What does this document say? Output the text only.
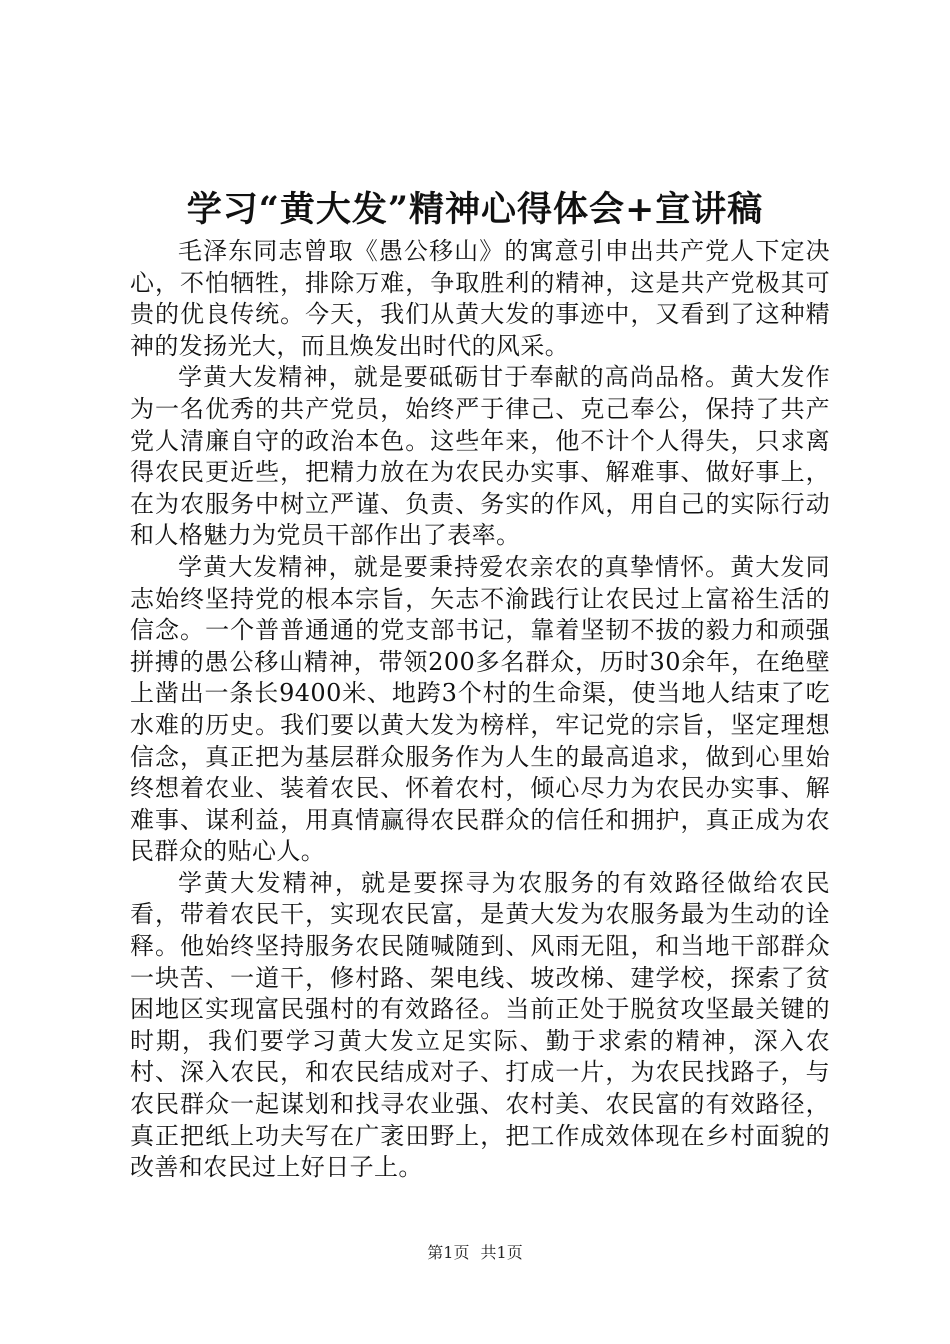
学习“黄大发”精神心得体会+宣讲稿

毛泽东同志曾取《愚公移山》的寓意引申出共产党人下定决心，不怕牺牲，排除万难，争取胜利的精神，这是共产党极其可贵的优良传统。今天，我们从黄大发的事迹中，又看到了这种精神的发扬光大，而且焕发出时代的风采。

学黄大发精神，就是要砥砺甘于奉献的高尚品格。黄大发作为一名优秀的共产党员，始终严于律己、克己奉公，保持了共产党人清廉自守的政治本色。这些年来，他不计个人得失，只求离得农民更近些，把精力放在为农民办实事、解难事、做好事上，在为农服务中树立严谨、负责、务实的作风，用自己的实际行动和人格魅力为党员干部作出了表率。

学黄大发精神，就是要秉持爱农亲农的真挚情怀。黄大发同志始终坚持党的根本宗旨，矢志不渝践行让农民过上富裕生活的信念。一个普普通通的党支部书记，靠着坚韧不拔的毅力和顽强拼搏的愚公移山精神，带领200多名群众，历时30余年，在绝壁上凿出一条长9400米、地跨3个村的生命渠，使当地人结束了吃水难的历史。我们要以黄大发为榜样，牢记党的宗旨，坚定理想信念，真正把为基层群众服务作为人生的最高追求，做到心里始终想着农业、装着农民、怀着农村，倾心尽力为农民办实事、解难事、谋利益，用真情赢得农民群众的信任和拥护，真正成为农民群众的贴心人。

学黄大发精神，就是要探寻为农服务的有效路径做给农民看，带着农民干，实现农民富，是黄大发为农服务最为生动的诠释。他始终坚持服务农民随喊随到、风雨无阻，和当地干部群众一块苦、一道干，修村路、架电线、坡改梯、建学校，探索了贫困地区实现富民强村的有效路径。当前正处于脱贫攻坚最关键的时期，我们要学习黄大发立足实际、勤于求索的精神，深入农村、深入农民，和农民结成对子、打成一片，为农民找路子，与农民群众一起谋划和找寻农业强、农村美、农民富的有效路径，真正把纸上功夫写在广袤田野上，把工作成效体现在乡村面貌的改善和农民过上好日子上。

第1页 共1页
